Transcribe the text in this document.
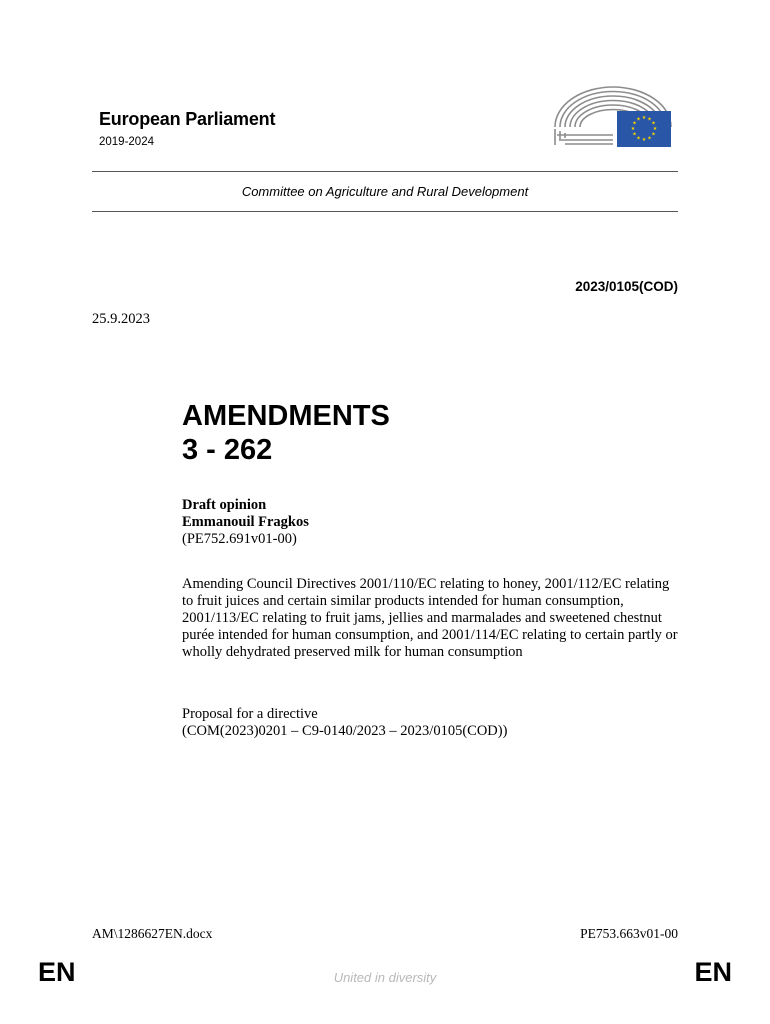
European Parliament
2019-2024
★ ★
★
★
★
★
★
★
★
★
★
★
Committee on Agriculture and Rural Development
2023/0105(COD)
25.9.2023
AMENDMENTS
3 - 262
Draft opinion
Emmanouil Fragkos
(PE752.691v01-00)
Amending Council Directives 2001/110/EC relating to honey, 2001/112/EC relating to fruit juices and certain similar products intended for human consumption, 2001/113/EC relating to fruit jams, jellies and marmalades and sweetened chestnut purée intended for human consumption, and 2001/114/EC relating to certain partly or wholly dehydrated preserved milk for human consumption
Proposal for a directive
(COM(2023)0201 – C9-0140/2023 – 2023/0105(COD))
AM\1286627EN.docx	PE753.663v01-00
EN	United in diversity	EN
